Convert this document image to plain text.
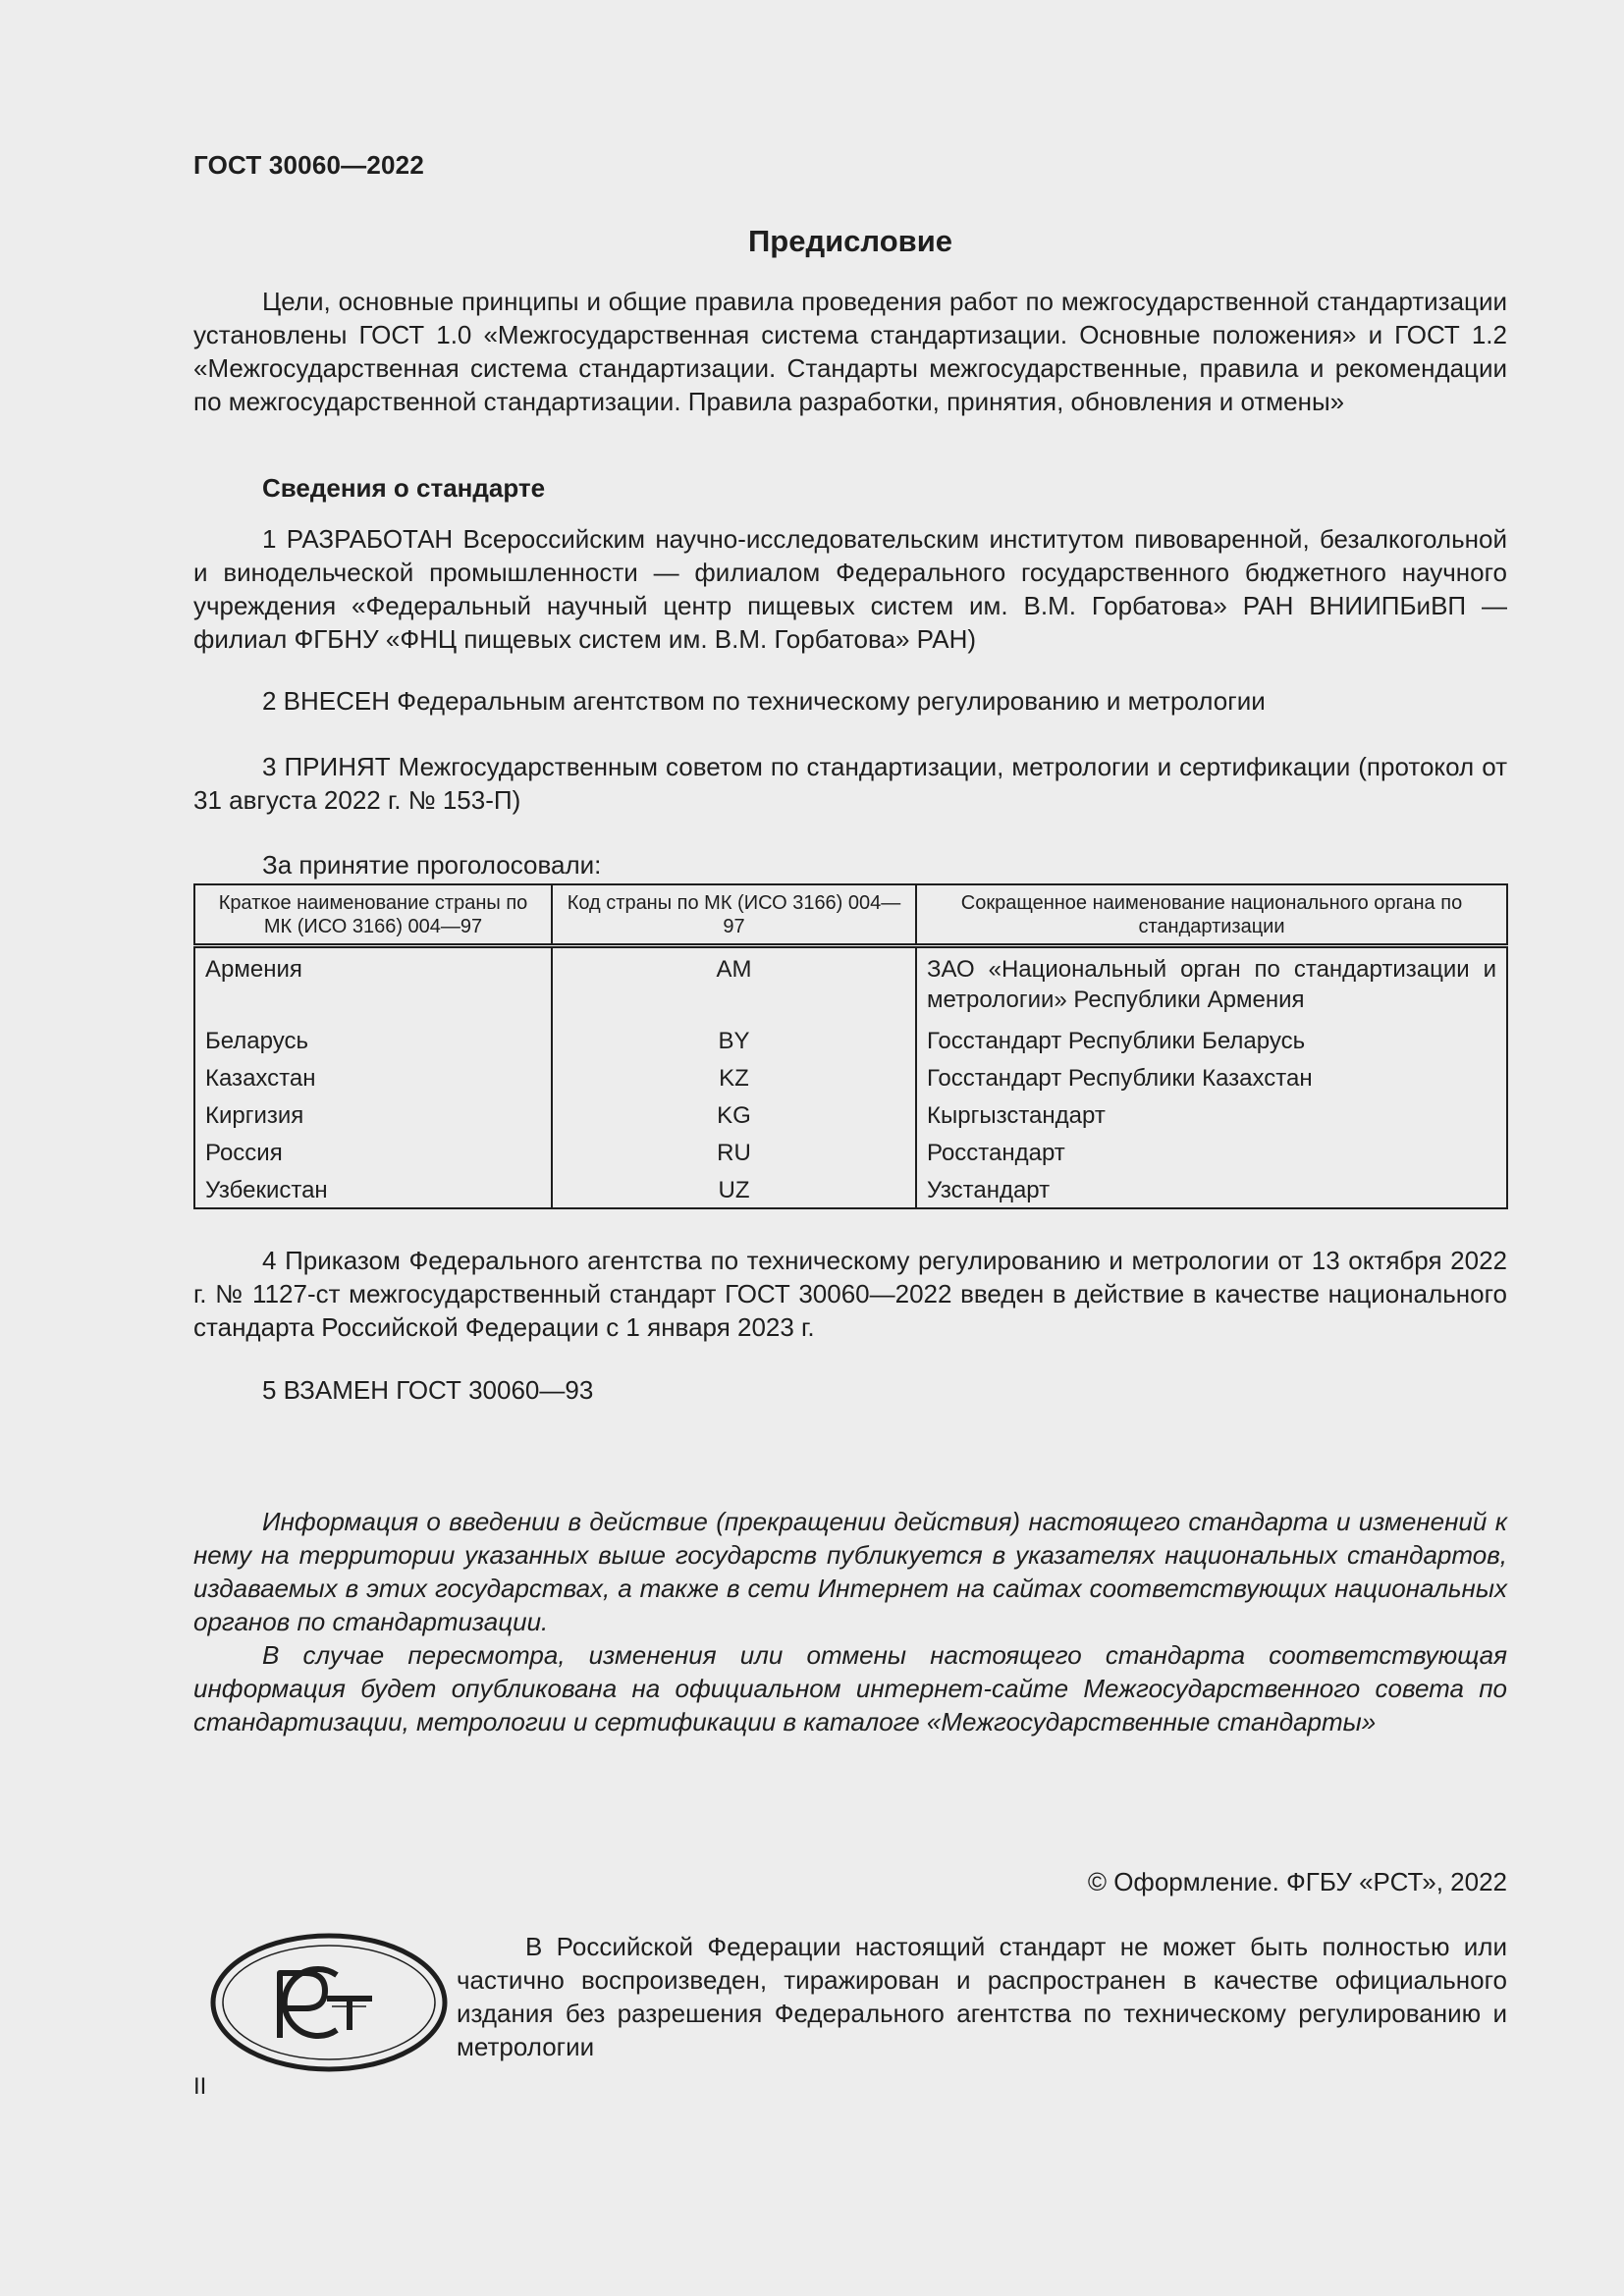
ГОСТ 30060—2022
Предисловие

Цели, основные принципы и общие правила проведения работ по межгосударственной стандартизации установлены ГОСТ 1.0 «Межгосударственная система стандартизации. Основные положения» и ГОСТ 1.2 «Межгосударственная система стандартизации. Стандарты межгосударственные, правила и рекомендации по межгосударственной стандартизации. Правила разработки, принятия, обновления и отмены»

Сведения о стандарте

1 РАЗРАБОТАН Всероссийским научно-исследовательским институтом пивоваренной, безалкогольной и винодельческой промышленности — филиалом Федерального государственного бюджетного научного учреждения «Федеральный научный центр пищевых систем им. В.М. Горбатова» РАН ВНИИПБиВП — филиал ФГБНУ «ФНЦ пищевых систем им. В.М. Горбатова» РАН)

2 ВНЕСЕН Федеральным агентством по техническому регулированию и метрологии

3 ПРИНЯТ Межгосударственным советом по стандартизации, метрологии и сертификации (протокол от 31 августа 2022 г. № 153-П)

За принятие проголосовали:

Краткое наименование страны по МК (ИСО 3166) 004—97	Код страны по МК (ИСО 3166) 004—97	Сокращенное наименование национального органа по стандартизации
Армения	AM	ЗАО «Национальный орган по стандартизации и метрологии» Республики Армения
Беларусь	BY	Госстандарт Республики Беларусь
Казахстан	KZ	Госстандарт Республики Казахстан
Киргизия	KG	Кыргызстандарт
Россия	RU	Росстандарт
Узбекистан	UZ	Узстандарт

4 Приказом Федерального агентства по техническому регулированию и метрологии от 13 октября 2022 г. № 1127-ст межгосударственный стандарт ГОСТ 30060—2022 введен в действие в качестве национального стандарта Российской Федерации с 1 января 2023 г.

5 ВЗАМЕН ГОСТ 30060—93

Информация о введении в действие (прекращении действия) настоящего стандарта и изменений к нему на территории указанных выше государств публикуется в указателях национальных стандартов, издаваемых в этих государствах, а также в сети Интернет на сайтах соответствующих национальных органов по стандартизации.

В случае пересмотра, изменения или отмены настоящего стандарта соответствующая информация будет опубликована на официальном интернет-сайте Межгосударственного совета по стандартизации, метрологии и сертификации в каталоге «Межгосударственные стандарты»

© Оформление. ФГБУ «РСТ», 2022

В Российской Федерации настоящий стандарт не может быть полностью или частично воспроизведен, тиражирован и распространен в качестве официального издания без разрешения Федерального агентства по техническому регулированию и метрологии

II
